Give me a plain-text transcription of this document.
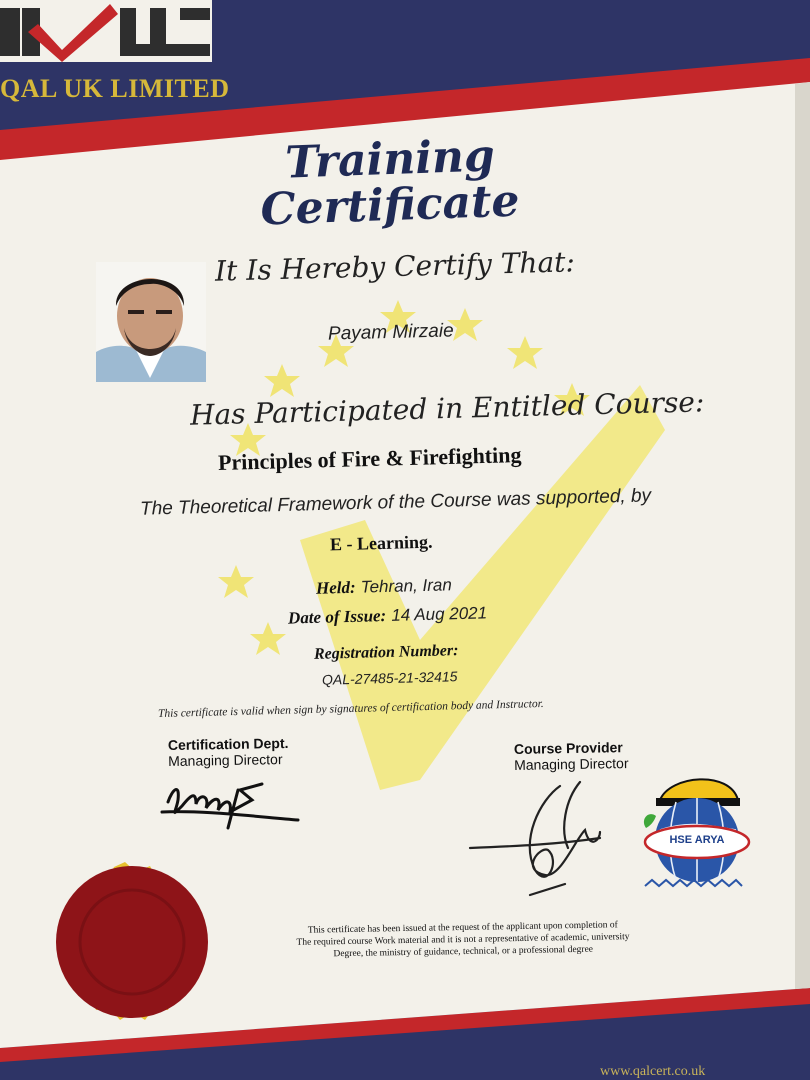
QAL UK LIMITED
Training
Certificate
It Is Hereby Certify That:
Payam Mirzaie
Has Participated in Entitled Course:
Principles of Fire & Firefighting
The Theoretical Framework of the Course was supported, by
E - Learning.
Held: Tehran, Iran
Date of Issue: 14 Aug 2021
Registration Number:
QAL-27485-21-32415
This certificate is valid when sign by signatures of certification body and Instructor.
Certification Dept.
Managing Director
Course Provider
Managing Director
HSE ARYA
This certificate has been issued at the request of the applicant upon completion of
The required course Work material and it is not a representative of academic, university
Degree, the ministry of guidance, technical, or a professional degree
www.qalcert.co.uk
